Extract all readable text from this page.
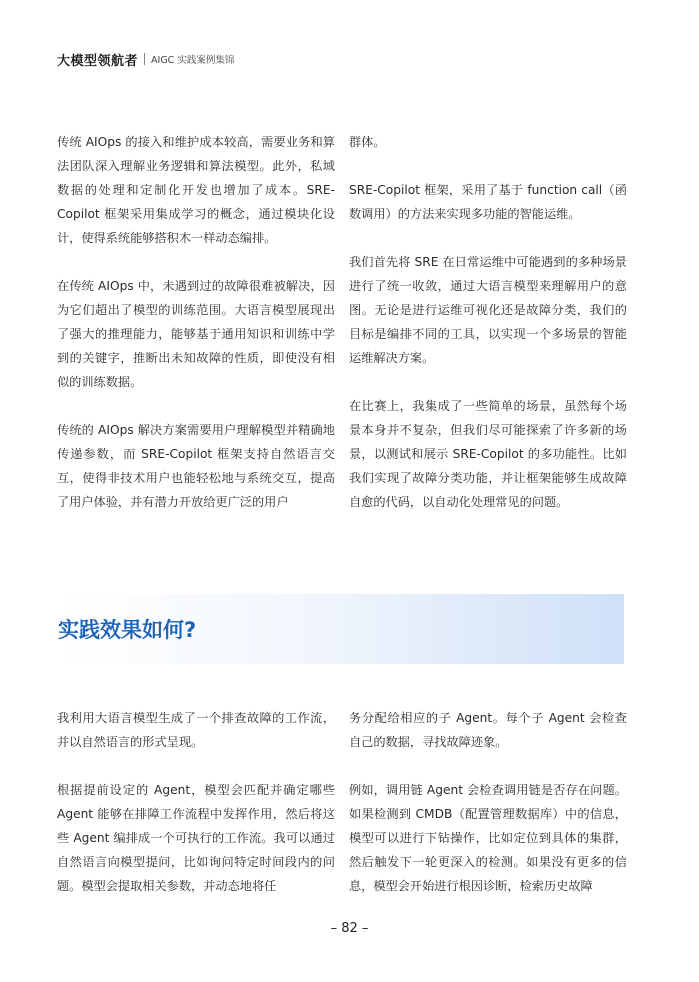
大模型领航者 AIGC 实践案例集锦

传统 AIOps 的接入和维护成本较高，需要业务和算法团队深入理解业务逻辑和算法模型。此外，私域数据的处理和定制化开发也增加了成本。SRE-Copilot 框架采用集成学习的概念，通过模块化设计，使得系统能够搭积木一样动态编排。

在传统 AIOps 中，未遇到过的故障很难被解决，因为它们超出了模型的训练范围。大语言模型展现出了强大的推理能力，能够基于通用知识和训练中学到的关键字，推断出未知故障的性质，即使没有相似的训练数据。

传统的 AIOps 解决方案需要用户理解模型并精确地传递参数，而 SRE-Copilot 框架支持自然语言交互，使得非技术用户也能轻松地与系统交互，提高了用户体验，并有潜力开放给更广泛的用户

群体。

SRE-Copilot 框架，采用了基于 function call（函数调用）的方法来实现多功能的智能运维。

我们首先将 SRE 在日常运维中可能遇到的多种场景进行了统一收敛，通过大语言模型来理解用户的意图。无论是进行运维可视化还是故障分类，我们的目标是编排不同的工具，以实现一个多场景的智能运维解决方案。

在比赛上，我集成了一些简单的场景，虽然每个场景本身并不复杂，但我们尽可能探索了许多新的场景，以测试和展示 SRE-Copilot 的多功能性。比如我们实现了故障分类功能，并让框架能够生成故障自愈的代码，以自动化处理常见的问题。

实践效果如何?

我利用大语言模型生成了一个排查故障的工作流，并以自然语言的形式呈现。

根据提前设定的 Agent，模型会匹配并确定哪些 Agent 能够在排障工作流程中发挥作用，然后将这些 Agent 编排成一个可执行的工作流。我可以通过自然语言向模型提问，比如询问特定时间段内的问题。模型会提取相关参数，并动态地将任

务分配给相应的子 Agent。每个子 Agent 会检查自己的数据，寻找故障迹象。

例如，调用链 Agent 会检查调用链是否存在问题。如果检测到 CMDB（配置管理数据库）中的信息，模型可以进行下钻操作，比如定位到具体的集群，然后触发下一轮更深入的检测。如果没有更多的信息，模型会开始进行根因诊断，检索历史故障

– 82 –
